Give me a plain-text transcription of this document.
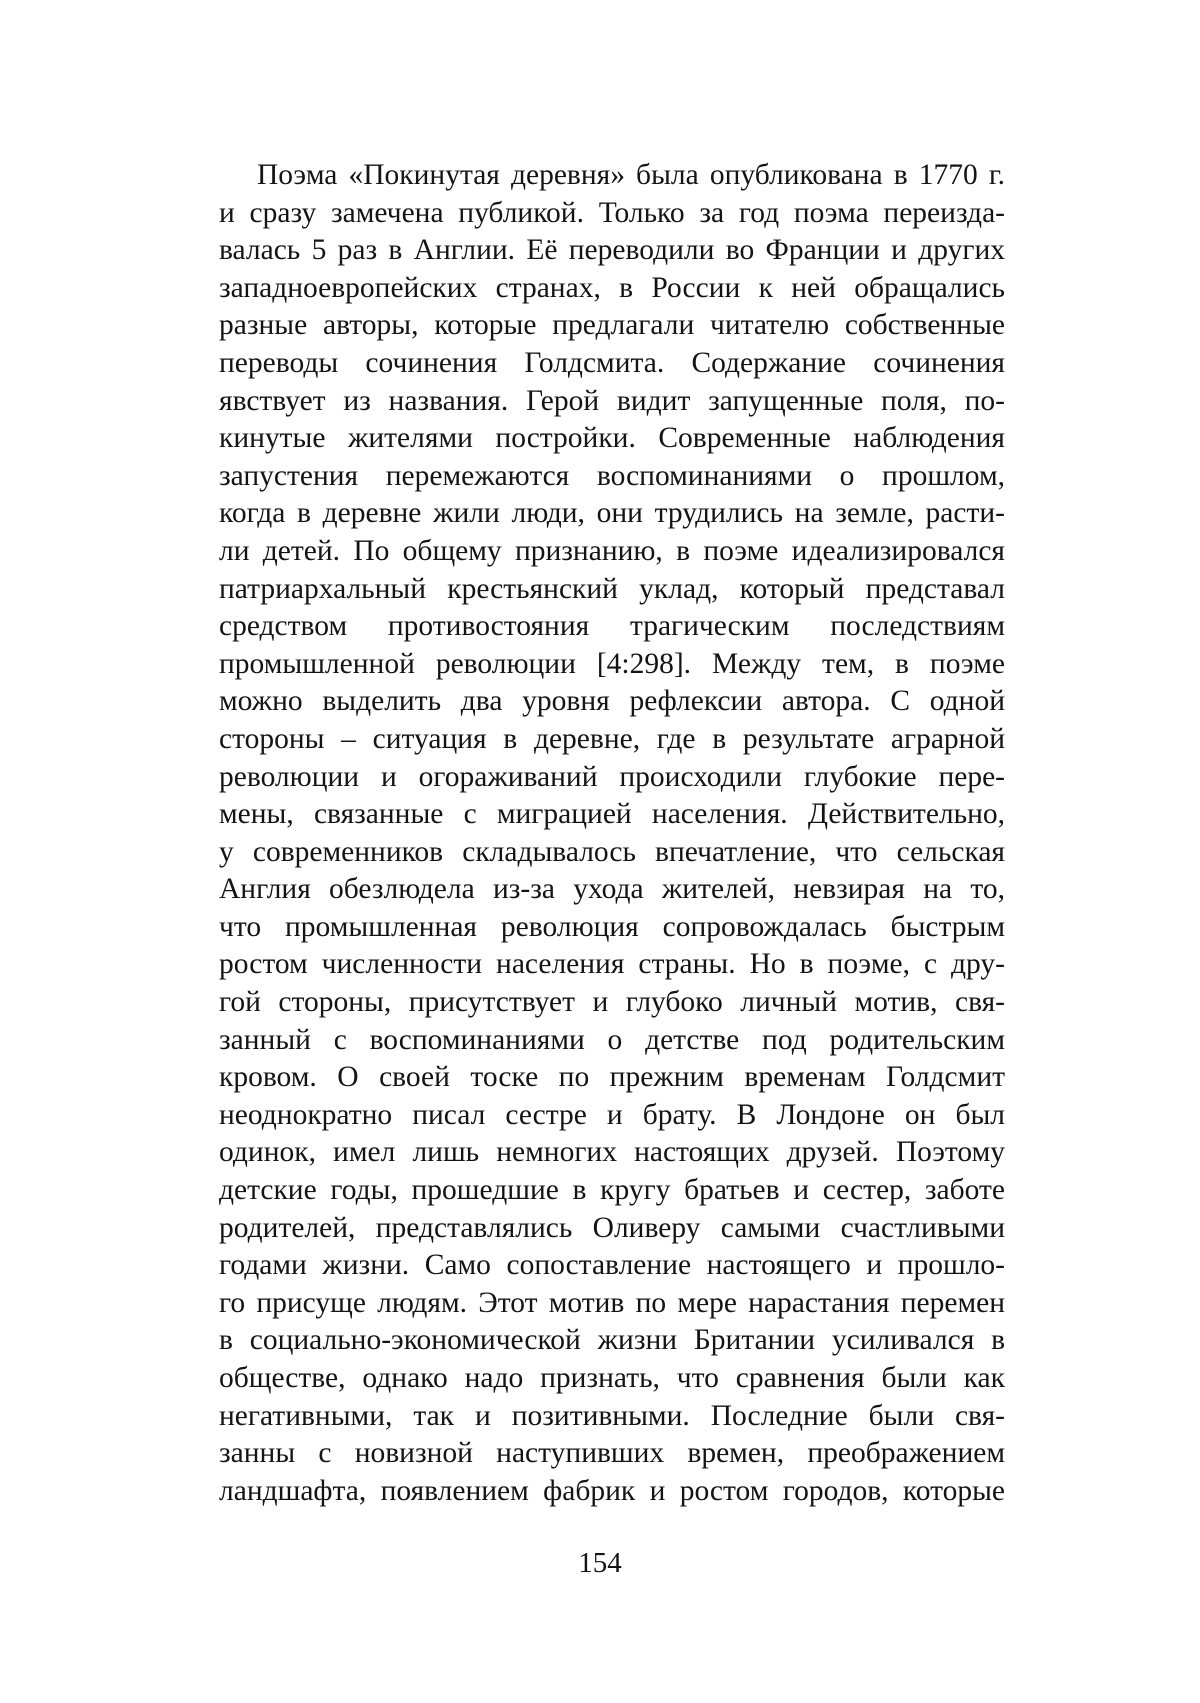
Поэма «Покинутая деревня» была опубликована в 1770 г.
и сразу замечена публикой. Только за год поэма переизда-
валась 5 раз в Англии. Её переводили во Франции и других
западноевропейских странах, в России к ней обращались
разные авторы, которые предлагали читателю собственные
переводы сочинения Голдсмита. Содержание сочинения
явствует из названия. Герой видит запущенные поля, по-
кинутые жителями постройки. Современные наблюдения
запустения перемежаются воспоминаниями о прошлом,
когда в деревне жили люди, они трудились на земле, расти-
ли детей. По общему признанию, в поэме идеализировался
патриархальный крестьянский уклад, который представал
средством противостояния трагическим последствиям
промышленной революции [4:298]. Между тем, в поэме
можно выделить два уровня рефлексии автора. С одной
стороны – ситуация в деревне, где в результате аграрной
революции и огораживаний происходили глубокие пере-
мены, связанные с миграцией населения. Действительно,
у современников складывалось впечатление, что сельская
Англия обезлюдела из-за ухода жителей, невзирая на то,
что промышленная революция сопровождалась быстрым
ростом численности населения страны. Но в поэме, с дру-
гой стороны, присутствует и глубоко личный мотив, свя-
занный с воспоминаниями о детстве под родительским
кровом. О своей тоске по прежним временам Голдсмит
неоднократно писал сестре и брату. В Лондоне он был
одинок, имел лишь немногих настоящих друзей. Поэтому
детские годы, прошедшие в кругу братьев и сестер, заботе
родителей, представлялись Оливеру самыми счастливыми
годами жизни. Само сопоставление настоящего и прошло-
го присуще людям. Этот мотив по мере нарастания перемен
в социально-экономической жизни Британии усиливался в
обществе, однако надо признать, что сравнения были как
негативными, так и позитивными. Последние были свя-
занны с новизной наступивших времен, преображением
ландшафта, появлением фабрик и ростом городов, которые
154
